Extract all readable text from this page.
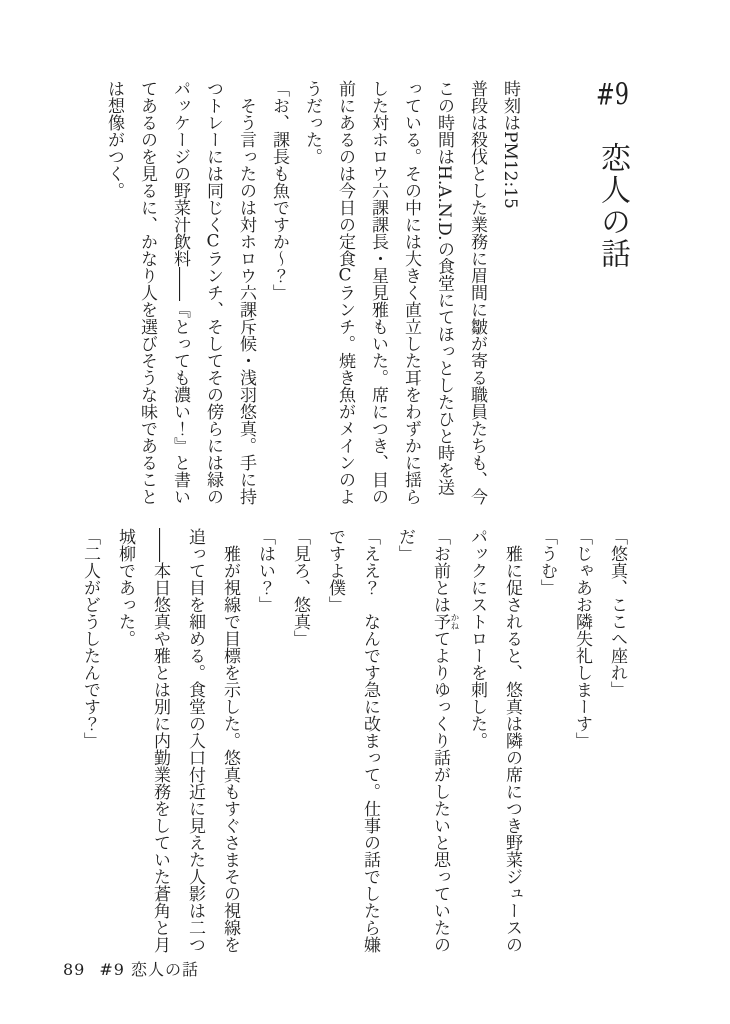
#9　恋人の話

時刻はPM12:15

普段は殺伐とした業務に眉間に皺が寄る職員たちも、今この時間はH.A.N.D.の食堂にてほっとしたひと時を送っている。その中には大きく直立した耳をわずかに揺らした対ホロウ六課課長・星見雅もいた。席につき、目の前にあるのは今日の定食Cランチ。焼き魚がメインのようだった。

「お、課長も魚ですか～？」

そう言ったのは対ホロウ六課斥候・浅羽悠真。手に持つトレーには同じくCランチ、そしてその傍らには緑のパッケージの野菜汁飲料――『とっても濃い！』と書いてあるのを見るに、かなり人を選びそうな味であることは想像がつく。

「悠真、ここへ座れ」

「じゃあお隣失礼しまーす」

「うむ」

雅に促されると、悠真は隣の席につき野菜ジュースのパックにストローを刺した。

「お前とは予 かねてよりゆっくり話がしたいと思っていたのだ」

「ええ？　なんです急に改まって。仕事の話でしたら嫌ですよ僕」

「見ろ、悠真」

「はい？」

雅が視線で目標を示した。悠真もすぐさまその視線を追って目を細める。食堂の入口付近に見えた人影は二つ――本日悠真や雅とは別に内勤業務をしていた蒼角と月城柳であった。

「二人がどうしたんです？」

89 #9 恋人の話
